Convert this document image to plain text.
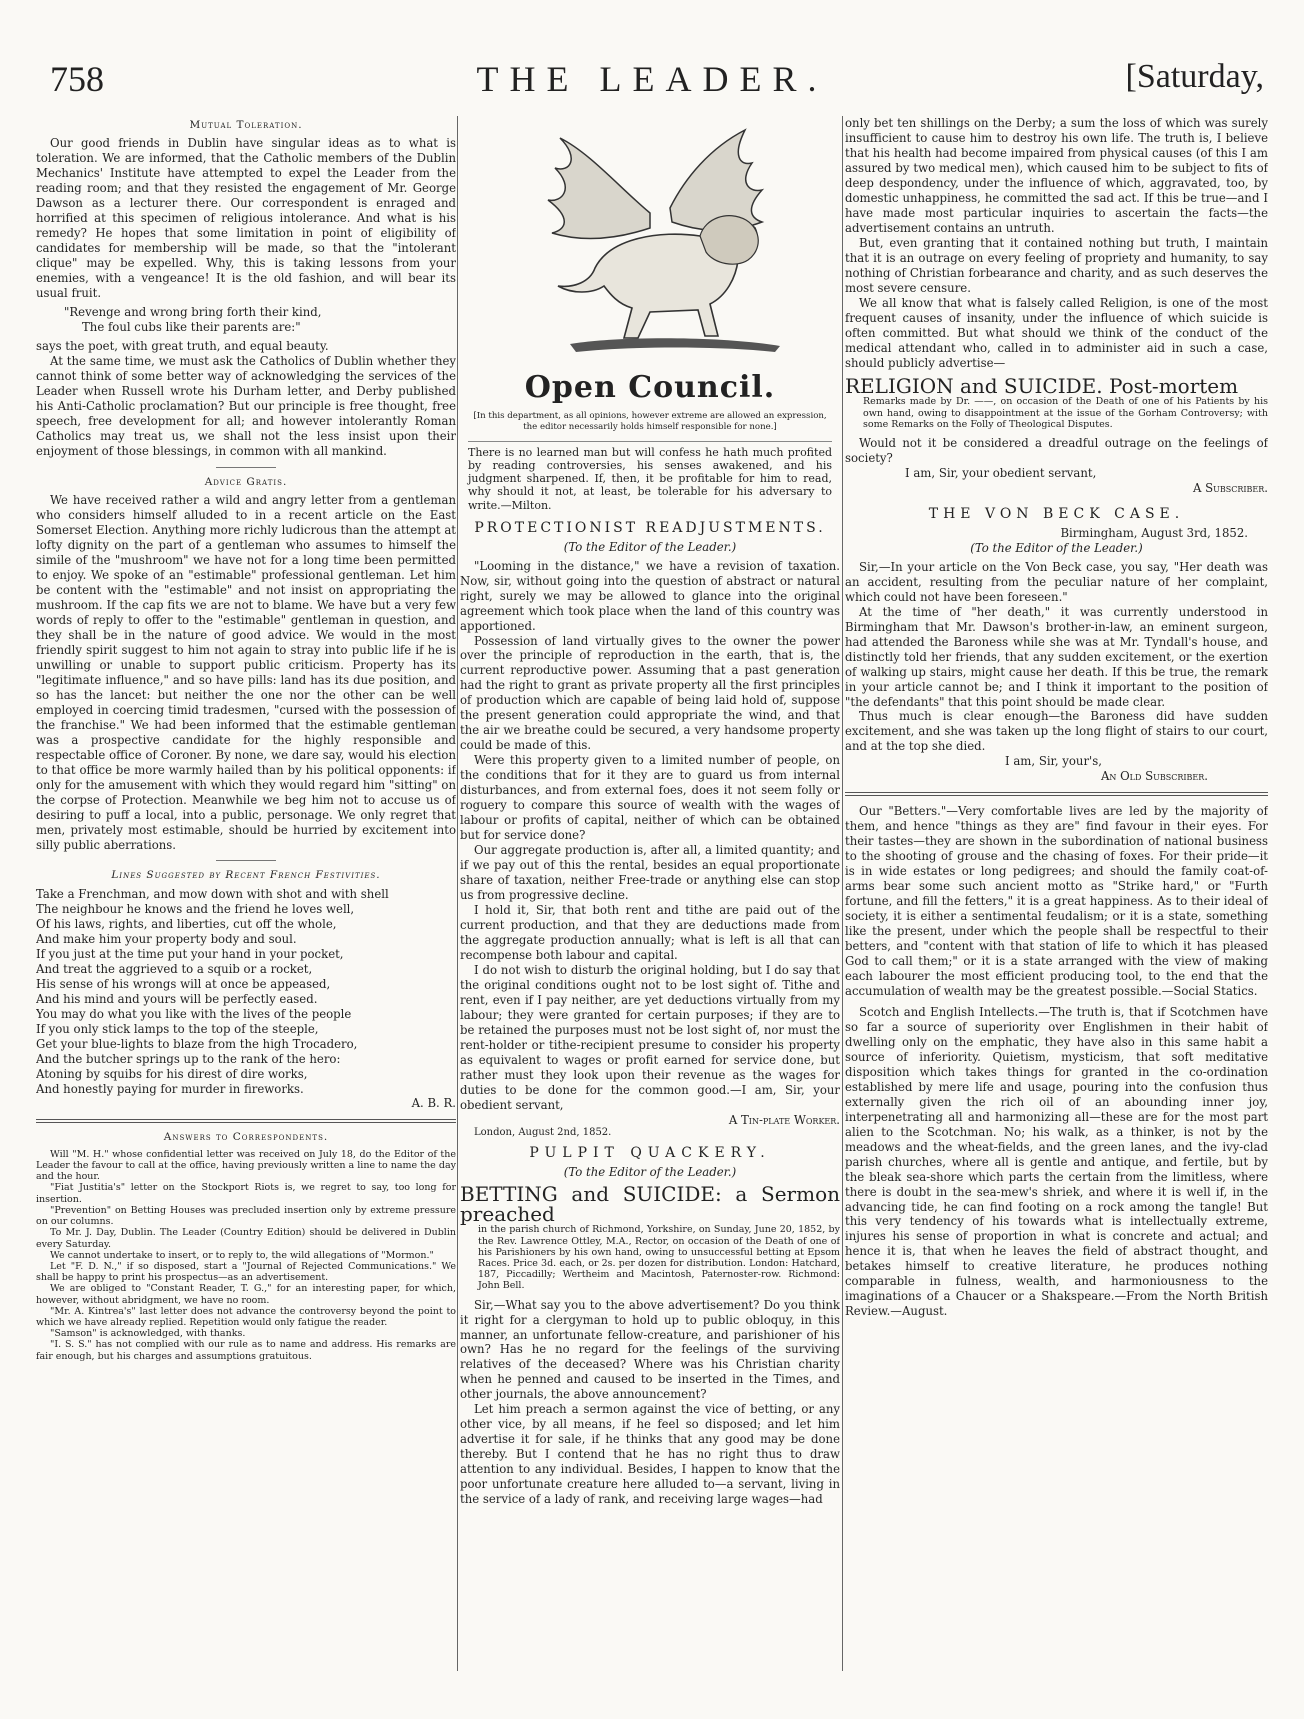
758	THE LEADER.	[Saturday,
Mutual Toleration.

Our good friends in Dublin have singular ideas as to what is toleration. We are informed, that the Catholic members of the Dublin Mechanics' Institute have attempted to expel the Leader from the reading room; and that they resisted the engagement of Mr. George Dawson as a lecturer there. Our correspondent is enraged and horrified at this specimen of religious intolerance. And what is his remedy? He hopes that some limitation in point of eligibility of candidates for membership will be made, so that the "intolerant clique" may be expelled. Why, this is taking lessons from your enemies, with a vengeance! It is the old fashion, and will bear its usual fruit.

"Revenge and wrong bring forth their kind,
The foul cubs like their parents are:"

says the poet, with great truth, and equal beauty.

At the same time, we must ask the Catholics of Dublin whether they cannot think of some better way of acknowledging the services of the Leader when Russell wrote his Durham letter, and Derby published his Anti-Catholic proclamation? But our principle is free thought, free speech, free development for all; and however intolerantly Roman Catholics may treat us, we shall not the less insist upon their enjoyment of those blessings, in common with all mankind.

Advice Gratis.

We have received rather a wild and angry letter from a gentleman who considers himself alluded to in a recent article on the East Somerset Election. Anything more richly ludicrous than the attempt at lofty dignity on the part of a gentleman who assumes to himself the simile of the "mushroom" we have not for a long time been permitted to enjoy. We spoke of an "estimable" professional gentleman. Let him be content with the "estimable" and not insist on appropriating the mushroom. If the cap fits we are not to blame. We have but a very few words of reply to offer to the "estimable" gentleman in question, and they shall be in the nature of good advice. We would in the most friendly spirit suggest to him not again to stray into public life if he is unwilling or unable to support public criticism. Property has its "legitimate influence," and so have pills: land has its due position, and so has the lancet: but neither the one nor the other can be well employed in coercing timid tradesmen, "cursed with the possession of the franchise." We had been informed that the estimable gentleman was a prospective candidate for the highly responsible and respectable office of Coroner. By none, we dare say, would his election to that office be more warmly hailed than by his political opponents: if only for the amusement with which they would regard him "sitting" on the corpse of Protection. Meanwhile we beg him not to accuse us of desiring to puff a local, into a public, personage. We only regret that men, privately most estimable, should be hurried by excitement into silly public aberrations.

Lines Suggested by Recent French Festivities.
Take a Frenchman, and mow down with shot and with shell
The neighbour he knows and the friend he loves well,
Of his laws, rights, and liberties, cut off the whole,
And make him your property body and soul.
If you just at the time put your hand in your pocket,
And treat the aggrieved to a squib or a rocket,
His sense of his wrongs will at once be appeased,
And his mind and yours will be perfectly eased.
You may do what you like with the lives of the people
If you only stick lamps to the top of the steeple,
Get your blue-lights to blaze from the high Trocadero,
And the butcher springs up to the rank of the hero:
Atoning by squibs for his direst of dire works,
And honestly paying for murder in fireworks.
A. B. R.
Answers to Correspondents.

Will "M. H." whose confidential letter was received on July 18, do the Editor of the Leader the favour to call at the office, having previously written a line to name the day and the hour.

"Fiat Justitia's" letter on the Stockport Riots is, we regret to say, too long for insertion.

"Prevention" on Betting Houses was precluded insertion only by extreme pressure on our columns.

To Mr. J. Day, Dublin. The Leader (Country Edition) should be delivered in Dublin every Saturday.

We cannot undertake to insert, or to reply to, the wild allegations of "Mormon."

Let "F. D. N.," if so disposed, start a "Journal of Rejected Communications." We shall be happy to print his prospectus—as an advertisement.

We are obliged to "Constant Reader, T. G.," for an interesting paper, for which, however, without abridgment, we have no room.

"Mr. A. Kintrea's" last letter does not advance the controversy beyond the point to which we have already replied. Repetition would only fatigue the reader.

"Samson" is acknowledged, with thanks.

"I. S. S." has not complied with our rule as to name and address. His remarks are fair enough, but his charges and assumptions gratuitous.

Open Council.
[In this department, as all opinions, however extreme are allowed an expression, the editor necessarily holds himself responsible for none.]
There is no learned man but will confess he hath much profited by reading controversies, his senses awakened, and his judgment sharpened. If, then, it be profitable for him to read, why should it not, at least, be tolerable for his adversary to write.—Milton.
PROTECTIONIST READJUSTMENTS.
(To the Editor of the Leader.)

"Looming in the distance," we have a revision of taxation. Now, sir, without going into the question of abstract or natural right, surely we may be allowed to glance into the original agreement which took place when the land of this country was apportioned.

Possession of land virtually gives to the owner the power over the principle of reproduction in the earth, that is, the current reproductive power. Assuming that a past generation had the right to grant as private property all the first principles of production which are capable of being laid hold of, suppose the present generation could appropriate the wind, and that the air we breathe could be secured, a very handsome property could be made of this.

Were this property given to a limited number of people, on the conditions that for it they are to guard us from internal disturbances, and from external foes, does it not seem folly or roguery to compare this source of wealth with the wages of labour or profits of capital, neither of which can be obtained but for service done?

Our aggregate production is, after all, a limited quantity; and if we pay out of this the rental, besides an equal proportionate share of taxation, neither Free-trade or anything else can stop us from progressive decline.

I hold it, Sir, that both rent and tithe are paid out of the current production, and that they are deductions made from the aggregate production annually; what is left is all that can recompense both labour and capital.

I do not wish to disturb the original holding, but I do say that the original conditions ought not to be lost sight of. Tithe and rent, even if I pay neither, are yet deductions virtually from my labour; they were granted for certain purposes; if they are to be retained the purposes must not be lost sight of, nor must the rent-holder or tithe-recipient presume to consider his property as equivalent to wages or profit earned for service done, but rather must they look upon their revenue as the wages for duties to be done for the common good.—I am, Sir, your obedient servant,

A Tin-plate Worker.
London, August 2nd, 1852.
PULPIT QUACKERY.
(To the Editor of the Leader.)
BETTING and SUICIDE: a Sermon preached
in the parish church of Richmond, Yorkshire, on Sunday, June 20, 1852, by the Rev. Lawrence Ottley, M.A., Rector, on occasion of the Death of one of his Parishioners by his own hand, owing to unsuccessful betting at Epsom Races. Price 3d. each, or 2s. per dozen for distribution. London: Hatchard, 187, Piccadilly; Wertheim and Macintosh, Paternoster-row. Richmond: John Bell.

Sir,—What say you to the above advertisement? Do you think it right for a clergyman to hold up to public obloquy, in this manner, an unfortunate fellow-creature, and parishioner of his own? Has he no regard for the feelings of the surviving relatives of the deceased? Where was his Christian charity when he penned and caused to be inserted in the Times, and other journals, the above announcement?

Let him preach a sermon against the vice of betting, or any other vice, by all means, if he feel so disposed; and let him advertise it for sale, if he thinks that any good may be done thereby. But I contend that he has no right thus to draw attention to any individual. Besides, I happen to know that the poor unfortunate creature here alluded to—a servant, living in the service of a lady of rank, and receiving large wages—had

only bet ten shillings on the Derby; a sum the loss of which was surely insufficient to cause him to destroy his own life. The truth is, I believe that his health had become impaired from physical causes (of this I am assured by two medical men), which caused him to be subject to fits of deep despondency, under the influence of which, aggravated, too, by domestic unhappiness, he committed the sad act. If this be true—and I have made most particular inquiries to ascertain the facts—the advertisement contains an untruth.

But, even granting that it contained nothing but truth, I maintain that it is an outrage on every feeling of propriety and humanity, to say nothing of Christian forbearance and charity, and as such deserves the most severe censure.

We all know that what is falsely called Religion, is one of the most frequent causes of insanity, under the influence of which suicide is often committed. But what should we think of the conduct of the medical attendant who, called in to administer aid in such a case, should publicly advertise—

RELIGION and SUICIDE. Post-mortem
Remarks made by Dr. ——, on occasion of the Death of one of his Patients by his own hand, owing to disappointment at the issue of the Gorham Controversy; with some Remarks on the Folly of Theological Disputes.

Would not it be considered a dreadful outrage on the feelings of society?

I am, Sir, your obedient servant,
A Subscriber.
THE VON BECK CASE.
Birmingham, August 3rd, 1852.
(To the Editor of the Leader.)

Sir,—In your article on the Von Beck case, you say, "Her death was an accident, resulting from the peculiar nature of her complaint, which could not have been foreseen."

At the time of "her death," it was currently understood in Birmingham that Mr. Dawson's brother-in-law, an eminent surgeon, had attended the Baroness while she was at Mr. Tyndall's house, and distinctly told her friends, that any sudden excitement, or the exertion of walking up stairs, might cause her death. If this be true, the remark in your article cannot be; and I think it important to the position of "the defendants" that this point should be made clear.

Thus much is clear enough—the Baroness did have sudden excitement, and she was taken up the long flight of stairs to our court, and at the top she died.

I am, Sir, your's,
An Old Subscriber.

Our "Betters."—Very comfortable lives are led by the majority of them, and hence "things as they are" find favour in their eyes. For their tastes—they are shown in the subordination of national business to the shooting of grouse and the chasing of foxes. For their pride—it is in wide estates or long pedigrees; and should the family coat-of-arms bear some such ancient motto as "Strike hard," or "Furth fortune, and fill the fetters," it is a great happiness. As to their ideal of society, it is either a sentimental feudalism; or it is a state, something like the present, under which the people shall be respectful to their betters, and "content with that station of life to which it has pleased God to call them;" or it is a state arranged with the view of making each labourer the most efficient producing tool, to the end that the accumulation of wealth may be the greatest possible.—Social Statics.

Scotch and English Intellects.—The truth is, that if Scotchmen have so far a source of superiority over Englishmen in their habit of dwelling only on the emphatic, they have also in this same habit a source of inferiority. Quietism, mysticism, that soft meditative disposition which takes things for granted in the co-ordination established by mere life and usage, pouring into the confusion thus externally given the rich oil of an abounding inner joy, interpenetrating all and harmonizing all—these are for the most part alien to the Scotchman. No; his walk, as a thinker, is not by the meadows and the wheat-fields, and the green lanes, and the ivy-clad parish churches, where all is gentle and antique, and fertile, but by the bleak sea-shore which parts the certain from the limitless, where there is doubt in the sea-mew's shriek, and where it is well if, in the advancing tide, he can find footing on a rock among the tangle! But this very tendency of his towards what is intellectually extreme, injures his sense of proportion in what is concrete and actual; and hence it is, that when he leaves the field of abstract thought, and betakes himself to creative literature, he produces nothing comparable in fulness, wealth, and harmoniousness to the imaginations of a Chaucer or a Shakspeare.—From the North British Review.—August.
